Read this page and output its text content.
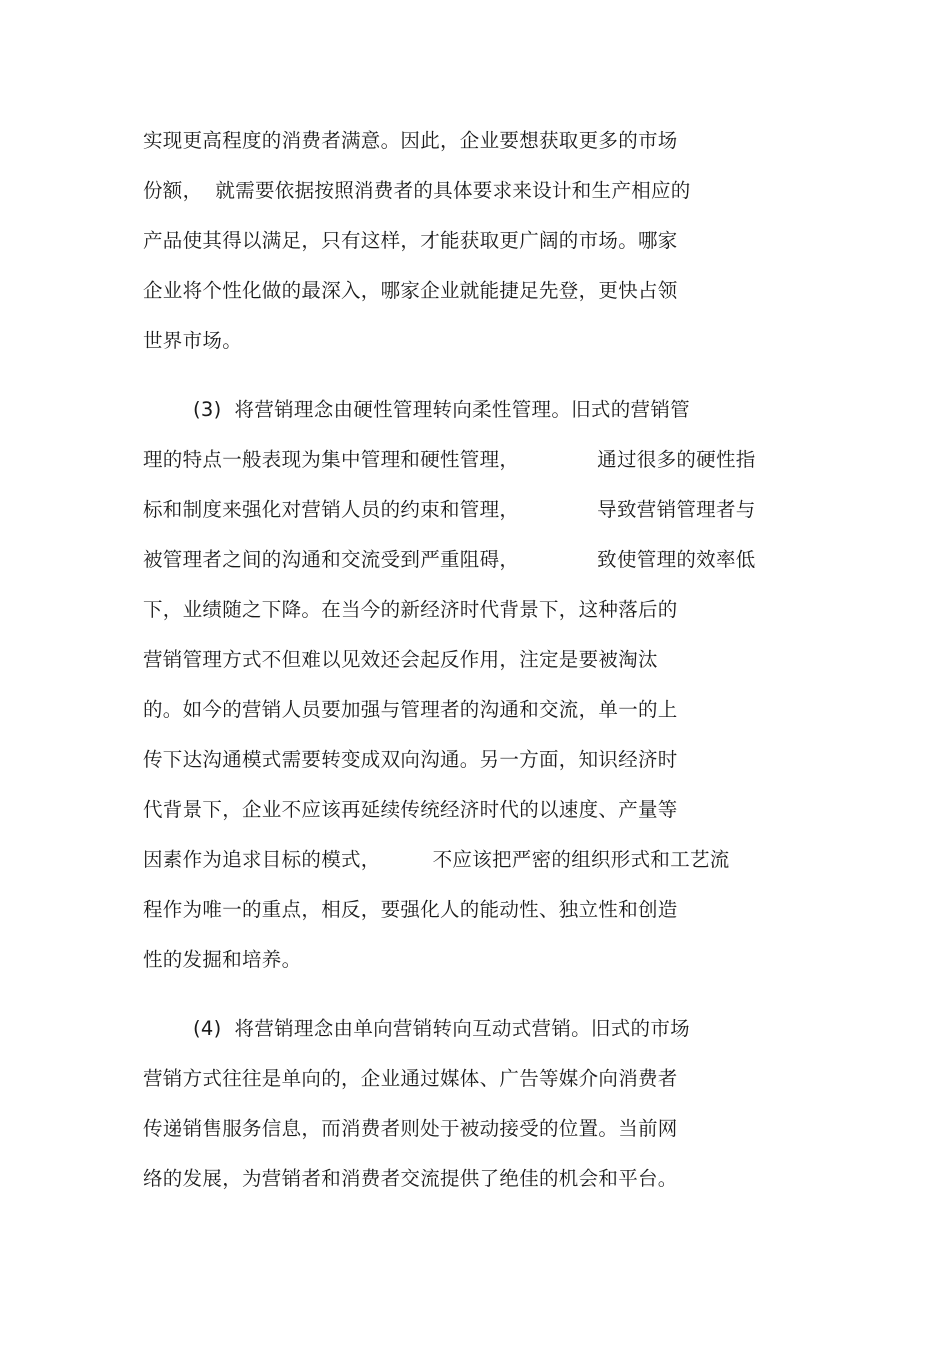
实现更高程度的消费者满意。因此，企业要想获取更多的市场
份额，  就需要依据按照消费者的具体要求来设计和生产相应的
产品使其得以满足，只有这样，才能获取更广阔的市场。哪家
企业将个性化做的最深入，哪家企业就能捷足先登，更快占领
世界市场。
(3)  将营销理念由硬性管理转向柔性管理。旧式的营销管
理的特点一般表现为集中管理和硬性管理，            通过很多的硬性指
标和制度来强化对营销人员的约束和管理，            导致营销管理者与
被管理者之间的沟通和交流受到严重阻碍，            致使管理的效率低
下，业绩随之下降。在当今的新经济时代背景下，这种落后的
营销管理方式不但难以见效还会起反作用，注定是要被淘汰
的。如今的营销人员要加强与管理者的沟通和交流，单一的上
传下达沟通模式需要转变成双向沟通。另一方面，知识经济时
代背景下，企业不应该再延续传统经济时代的以速度、产量等
因素作为追求目标的模式，        不应该把严密的组织形式和工艺流
程作为唯一的重点，相反，要强化人的能动性、独立性和创造
性的发掘和培养。
(4)  将营销理念由单向营销转向互动式营销。旧式的市场
营销方式往往是单向的，企业通过媒体、广告等媒介向消费者
传递销售服务信息，而消费者则处于被动接受的位置。当前网
络的发展，为营销者和消费者交流提供了绝佳的机会和平台。
